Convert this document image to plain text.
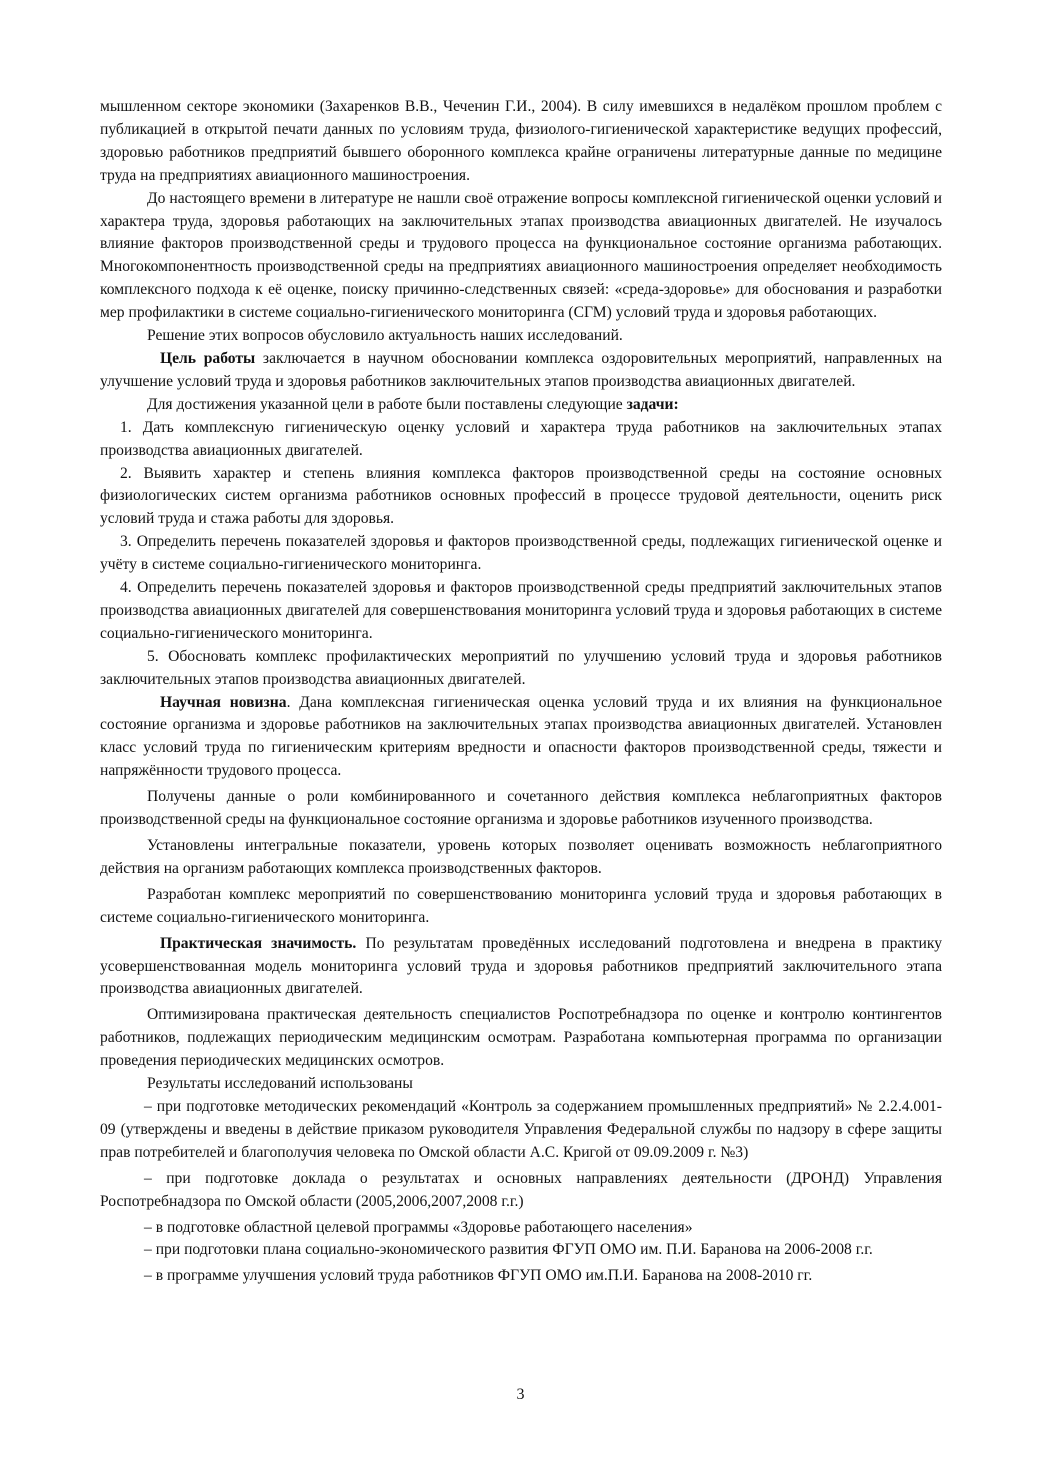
мышленном секторе экономики (Захаренков В.В., Чеченин Г.И., 2004). В силу имевшихся в недалёком прошлом проблем с публикацией в открытой печати данных по условиям труда, физиолого-гигиенической характеристике ведущих профессий, здоровью работников предприятий бывшего оборонного комплекса крайне ограничены литературные данные по медицине труда на предприятиях авиационного машиностроения.

До настоящего времени в литературе не нашли своё отражение вопросы комплексной гигиенической оценки условий и характера труда, здоровья работающих на заключительных этапах производства авиационных двигателей. Не изучалось влияние факторов производственной среды и трудового процесса на функциональное состояние организма работающих. Многокомпонентность производственной среды на предприятиях авиационного машиностроения определяет необходимость комплексного подхода к её оценке, поиску причинно-следственных связей: «среда-здоровье» для обоснования и разработки мер профилактики в системе социально-гигиенического мониторинга (СГМ) условий труда и здоровья работающих.

Решение этих вопросов обусловило актуальность наших исследований.

Цель работы заключается в научном обосновании комплекса оздоровительных мероприятий, направленных на улучшение условий труда и здоровья работников заключительных этапов производства авиационных двигателей.

Для достижения указанной цели в работе были поставлены следующие задачи:

1. Дать комплексную гигиеническую оценку условий и характера труда работников на заключительных этапах производства авиационных двигателей.

2. Выявить характер и степень влияния комплекса факторов производственной среды на состояние основных физиологических систем организма работников основных профессий в процессе трудовой деятельности, оценить риск условий труда и стажа работы для здоровья.

3. Определить перечень показателей здоровья и факторов производственной среды, подлежащих гигиенической оценке и учёту в системе социально-гигиенического мониторинга.

4. Определить перечень показателей здоровья и факторов производственной среды предприятий заключительных этапов производства авиационных двигателей для совершенствования мониторинга условий труда и здоровья работающих в системе социально-гигиенического мониторинга.

5. Обосновать комплекс профилактических мероприятий по улучшению условий труда и здоровья работников заключительных этапов производства авиационных двигателей.

Научная новизна. Дана комплексная гигиеническая оценка условий труда и их влияния на функциональное состояние организма и здоровье работников на заключительных этапах производства авиационных двигателей. Установлен класс условий труда по гигиеническим критериям вредности и опасности факторов производственной среды, тяжести и напряжённости трудового процесса.

Получены данные о роли комбинированного и сочетанного действия комплекса неблагоприятных факторов производственной среды на функциональное состояние организма и здоровье работников изученного производства.

Установлены интегральные показатели, уровень которых позволяет оценивать возможность неблагоприятного действия на организм работающих комплекса производственных факторов.

Разработан комплекс мероприятий по совершенствованию мониторинга условий труда и здоровья работающих в системе социально-гигиенического мониторинга.

Практическая значимость. По результатам проведённых исследований подготовлена и внедрена в практику усовершенствованная модель мониторинга условий труда и здоровья работников предприятий заключительного этапа производства авиационных двигателей.

Оптимизирована практическая деятельность специалистов Роспотребнадзора по оценке и контролю контингентов работников, подлежащих периодическим медицинским осмотрам. Разработана компьютерная программа по организации проведения периодических медицинских осмотров.

Результаты исследований использованы

– при подготовке методических рекомендаций «Контроль за содержанием промышленных предприятий» № 2.2.4.001-09 (утверждены и введены в действие приказом руководителя Управления Федеральной службы по надзору в сфере защиты прав потребителей и благополучия человека по Омской области А.С. Кригой от 09.09.2009 г. №3)

– при подготовке доклада о результатах и основных направлениях деятельности (ДРОНД) Управления Роспотребнадзора по Омской области (2005,2006,2007,2008 г.г.)

– в подготовке областной целевой программы «Здоровье работающего населения»

– при подготовки плана социально-экономического развития ФГУП ОМО им. П.И. Баранова на 2006-2008 г.г.

– в программе улучшения условий труда работников ФГУП ОМО им.П.И. Баранова на 2008-2010 гг.

3
